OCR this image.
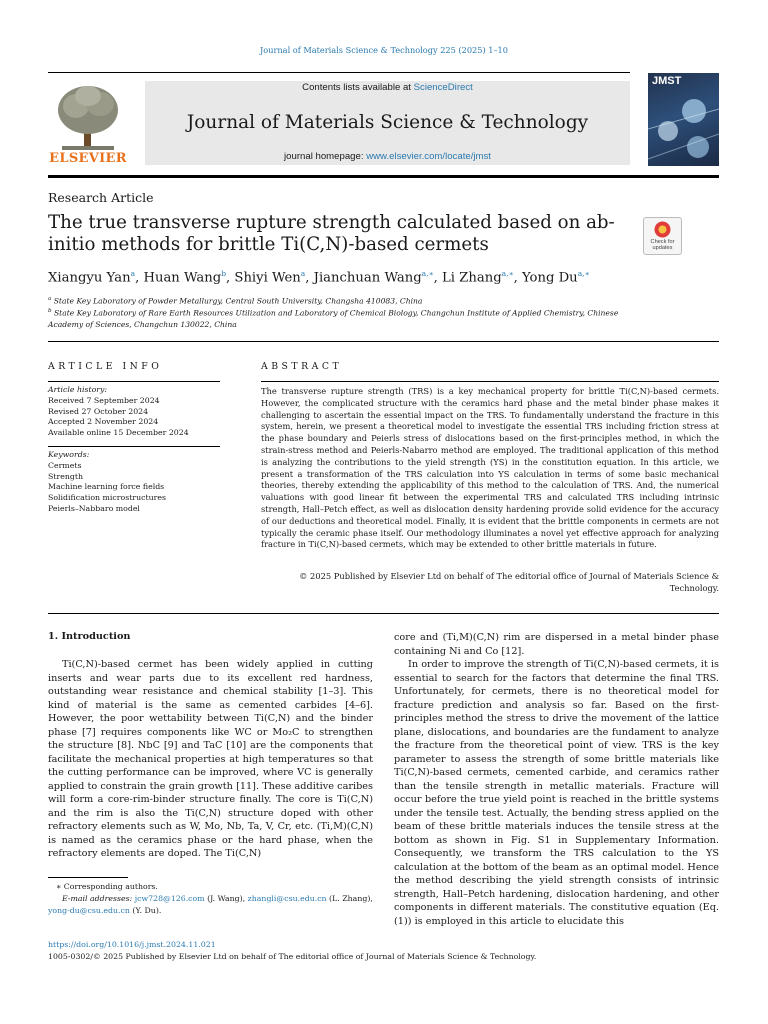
Journal of Materials Science & Technology 225 (2025) 1–10
ELSEVIER
Contents lists available at ScienceDirect
Journal of Materials Science & Technology
journal homepage: www.elsevier.com/locate/jmst
JMST
Research Article
The true transverse rupture strength calculated based on ab-initio methods for brittle Ti(C,N)-based cermets	Check for updates
Xiangyu Yan$^a$, Huan Wang$^b$, Shiyi Wen$^a$, Jianchuan Wang$^{a,∗}$, Li Zhang$^{a,∗}$, Yong $Du^{a,∗}$
$^a$ State Key Laboratory of Powder Metallurgy, Central South University, Changsha 410083, China
$^b$ State Key Laboratory of Rare Earth Resources Utilization and Laboratory of Chemical Biology, Changchun Institute of Applied Chemistry, Chinese Academy of Sciences, Changchun 130022, China
ARTICLE INFO	ABSTRACT
Article history:
Received 7 September 2024
Revised 27 October 2024
Accepted 2 November 2024
Available online 15 December 2024
Keywords:
Cermets
Strength
Machine learning force fields
Solidification microstructures
Peierls–Nabbaro model
The transverse rupture strength (TRS) is a key mechanical property for brittle Ti(C,N)-based cermets. However, the complicated structure with the ceramics hard phase and the metal binder phase makes it challenging to ascertain the essential impact on the TRS. To fundamentally understand the fracture in this system, herein, we present a theoretical model to investigate the essential TRS including friction stress at the phase boundary and Peierls stress of dislocations based on the first-principles method, in which the strain-stress method and Peierls-Nabarro method are employed. The traditional application of this method is analyzing the contributions to the yield strength (YS) in the constitution equation. In this article, we present a transformation of the TRS calculation into YS calculation in terms of some basic mechanical theories, thereby extending the applicability of this method to the calculation of TRS. And, the numerical valuations with good linear fit between the experimental TRS and calculated TRS including intrinsic strength, Hall–Petch effect, as well as dislocation density hardening provide solid evidence for the accuracy of our deductions and theoretical model. Finally, it is evident that the brittle components in cermets are not typically the ceramic phase itself. Our methodology illuminates a novel yet effective approach for analyzing fracture in Ti(C,N)-based cermets, which may be extended to other brittle materials in future.
© 2025 Published by Elsevier Ltd on behalf of The editorial office of Journal of Materials Science & Technology.
1. Introduction

Ti(C,N)-based cermet has been widely applied in cutting inserts and wear parts due to its excellent red hardness, outstanding wear resistance and chemical stability [1–3]. This kind of material is the same as cemented carbides [4–6]. However, the poor wettability between Ti(C,N) and the binder phase [7] requires components like WC or Mo₂C to strengthen the structure [8]. NbC [9] and TaC [10] are the components that facilitate the mechanical properties at high temperatures so that the cutting performance can be improved, where VC is generally applied to constrain the grain growth [11]. These additive caribes will form a core-rim-binder structure finally. The core is Ti(C,N) and the rim is also the Ti(C,N) structure doped with other refractory elements such as W, Mo, Nb, Ta, V, Cr, etc. (Ti,M)(C,N) is named as the ceramics phase or the hard phase, when the refractory elements are doped. The Ti(C,N)

core and (Ti,M)(C,N) rim are dispersed in a metal binder phase containing Ni and Co [12].

In order to improve the strength of Ti(C,N)-based cermets, it is essential to search for the factors that determine the final TRS. Unfortunately, for cermets, there is no theoretical model for fracture prediction and analysis so far. Based on the first-principles method the stress to drive the movement of the lattice plane, dislocations, and boundaries are the fundament to analyze the fracture from the theoretical point of view. TRS is the key parameter to assess the strength of some brittle materials like Ti(C,N)-based cermets, cemented carbide, and ceramics rather than the tensile strength in metallic materials. Fracture will occur before the true yield point is reached in the brittle systems under the tensile test. Actually, the bending stress applied on the beam of these brittle materials induces the tensile stress at the bottom as shown in Fig. S1 in Supplementary Information. Consequently, we transform the TRS calculation to the YS calculation at the bottom of the beam as an optimal model. Hence the method describing the yield strength consists of intrinsic strength, Hall–Petch hardening, dislocation hardening, and other components in different materials. The constitutive equation (Eq. (1)) is employed in this article to elucidate this

∗ Corresponding authors.
E-mail addresses: jcw728@126.com (J. Wang), zhangli@csu.edu.cn (L. Zhang),
yong-du@csu.edu.cn (Y. Du).
https://doi.org/10.1016/j.jmst.2024.11.021
1005-0302/© 2025 Published by Elsevier Ltd on behalf of The editorial office of Journal of Materials Science & Technology.
